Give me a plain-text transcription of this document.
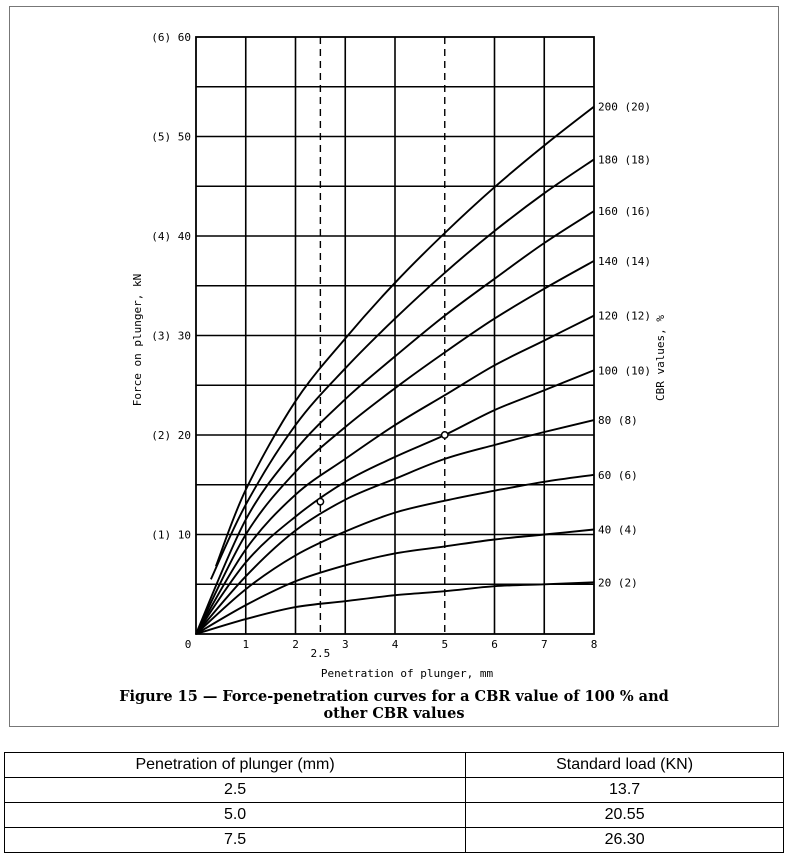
20 (2)
40 (4)
60 (6)
80 (8)
100 (10)
120 (12)
140 (14)
160 (16)
180 (18)
200 (20)
0	1	2
2.5
3	4	5	6	7	8
(1) 10
(2) 20
(3) 30
(4) 40
(5) 50
(6) 60
Penetration of plunger, mm
Force on plunger, kN	CBR values, %
Figure 15 — Force-penetration curves for a CBR value of 100 % and
other CBR values
Penetration of plunger (mm)	Standard load (KN)
2.5	13.7
5.0	20.55
7.5	26.30
